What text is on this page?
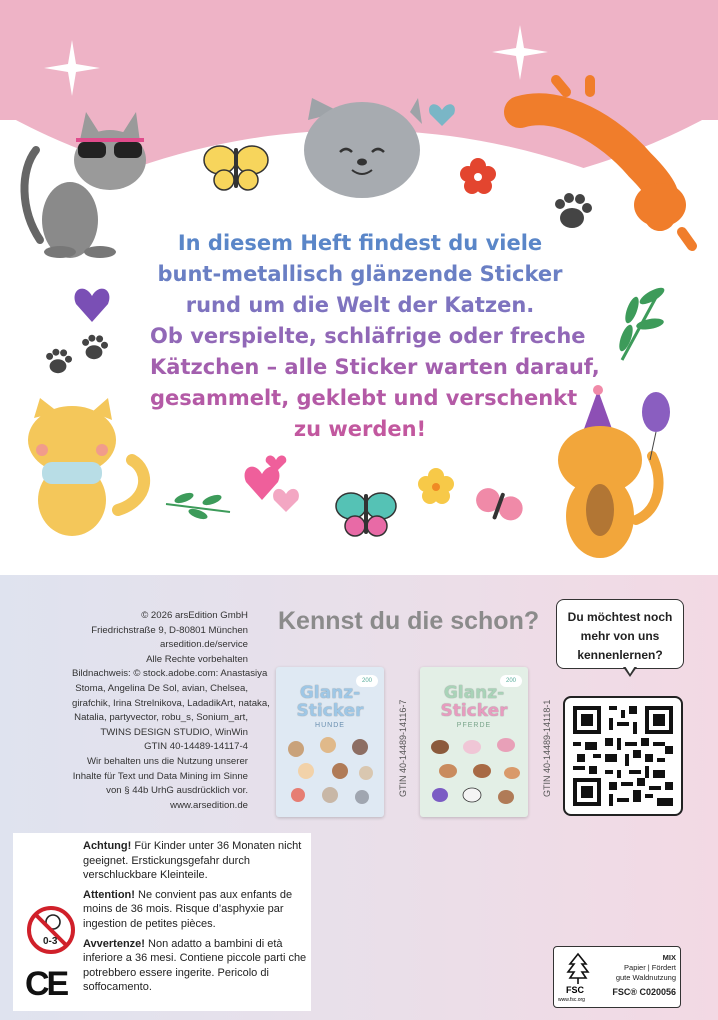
In diesem Heft findest du viele
bunt-metallisch glänzende Sticker
rund um die Welt der Katzen.
Ob verspielte, schläfrige oder freche
Kätzchen – alle Sticker warten darauf,
gesammelt, geklebt und verschenkt
zu werden!
© 2026 arsEdition GmbH
Friedrichstraße 9, D-80801 München
arsedition.de/service
Alle Rechte vorbehalten
Bildnachweis: © stock.adobe.com: Anastasiya
Stoma, Angelina De Sol, avian, Chelsea,
girafchik, Irina Strelnikova, LadadikArt, nataka,
Natalia, partyvector, robu_s, Sonium_art,
TWINS DESIGN STUDIO, WinWin
GTIN 40-14489-14117-4
Wir behalten uns die Nutzung unserer
Inhalte für Text und Data Mining im Sinne
von § 44b UrhG ausdrücklich vor.
www.arsedition.de
Kennst du die schon?
200
Glanz-
Sticker
HUNDE	GTIN 40-14489-14116-7
200
Glanz-
Sticker
PFERDE	GTIN 40-14489-14118-1
Du möchtest noch
mehr von uns
kennenlernen?
0-3
CE

Achtung! Für Kinder unter 36 Monaten nicht geeignet. Erstickungsgefahr durch verschluckbare Kleinteile.

Attention! Ne convient pas aux enfants de moins de 36 mois. Risque d’asphyxie par ingestion de petites pièces.

Avvertenze! Non adatto a bambini di età inferiore a 36 mesi. Contiene piccole parti che potrebbero essere ingerite. Pericolo di soffocamento.	FSC
www.fsc.org
MIX
Papier | Fördert
gute Waldnutzung
FSC® C020056
